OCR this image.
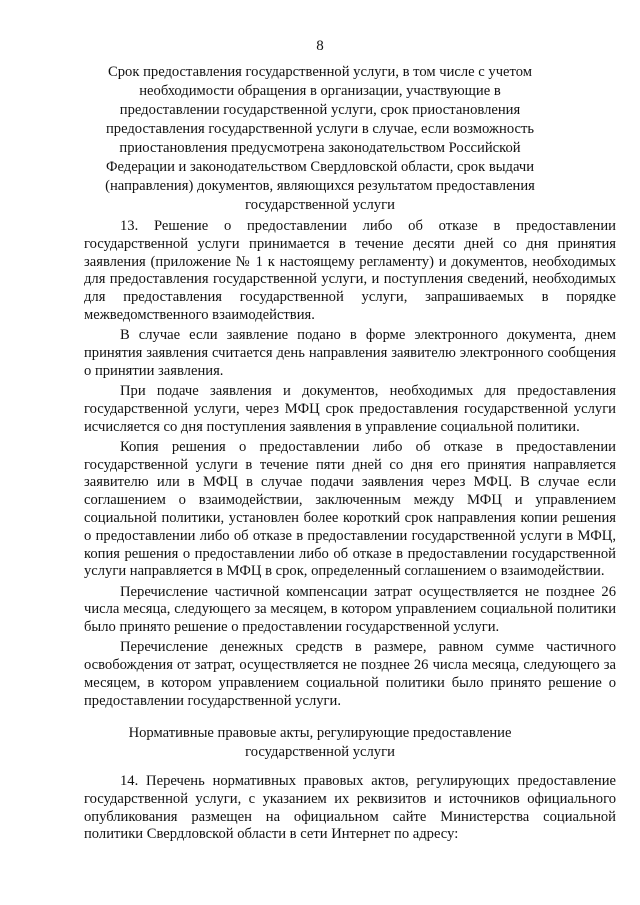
8
Срок предоставления государственной услуги, в том числе с учетом необходимости обращения в организации, участвующие в предоставлении государственной услуги, срок приостановления предоставления государственной услуги в случае, если возможность приостановления предусмотрена законодательством Российской Федерации и законодательством Свердловской области, срок выдачи (направления) документов, являющихся результатом предоставления государственной услуги

13. Решение о предоставлении либо об отказе в предоставлении государственной услуги принимается в течение десяти дней со дня принятия заявления (приложение № 1 к настоящему регламенту) и документов, необходимых для предоставления государственной услуги, и поступления сведений, необходимых для предоставления государственной услуги, запрашиваемых в порядке межведомственного взаимодействия.

В случае если заявление подано в форме электронного документа, днем принятия заявления считается день направления заявителю электронного сообщения о принятии заявления.

При подаче заявления и документов, необходимых для предоставления государственной услуги, через МФЦ срок предоставления государственной услуги исчисляется со дня поступления заявления в управление социальной политики.

Копия решения о предоставлении либо об отказе в предоставлении государственной услуги в течение пяти дней со дня его принятия направляется заявителю или в МФЦ в случае подачи заявления через МФЦ. В случае если соглашением о взаимодействии, заключенным между МФЦ и управлением социальной политики, установлен более короткий срок направления копии решения о предоставлении либо об отказе в предоставлении государственной услуги в МФЦ, копия решения о предоставлении либо об отказе в предоставлении государственной услуги направляется в МФЦ в срок, определенный соглашением о взаимодействии.

Перечисление частичной компенсации затрат осуществляется не позднее 26 числа месяца, следующего за месяцем, в котором управлением социальной политики было принято решение о предоставлении государственной услуги.

Перечисление денежных средств в размере, равном сумме частичного освобождения от затрат, осуществляется не позднее 26 числа месяца, следующего за месяцем, в котором управлением социальной политики было принято решение о предоставлении государственной услуги.

Нормативные правовые акты, регулирующие предоставление государственной услуги

14. Перечень нормативных правовых актов, регулирующих предоставление государственной услуги, с указанием их реквизитов и источников официального опубликования размещен на официальном сайте Министерства социальной политики Свердловской области в сети Интернет по адресу:
